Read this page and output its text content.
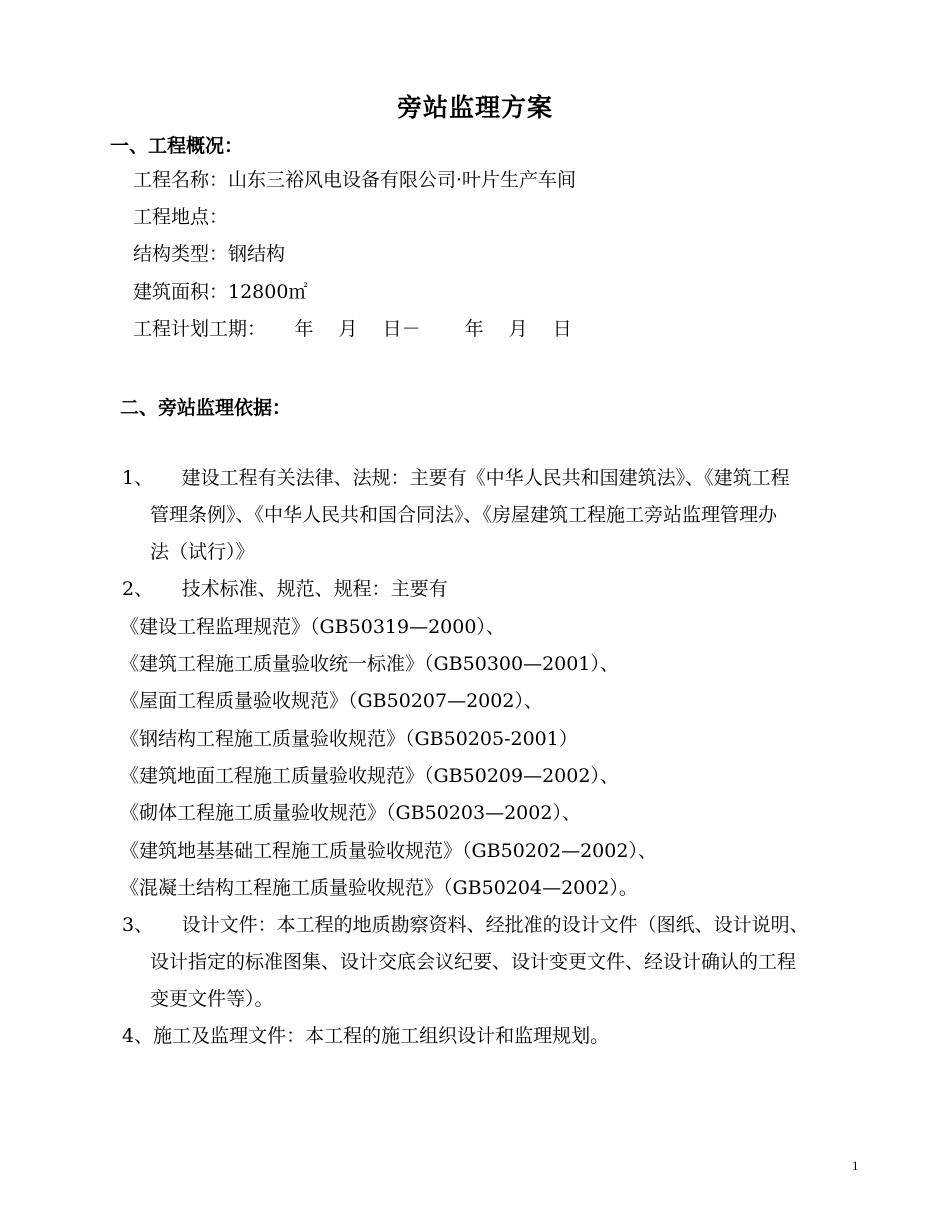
旁站监理方案
一、工程概况：
工程名称：山东三裕风电设备有限公司·叶片生产车间
工程地点：
结构类型：钢结构
建筑面积：12800㎡
工程计划工期：　　年　 月　 日－　　 年　 月　 日
二、旁站监理依据：
1、　　建设工程有关法律、法规：主要有《中华人民共和国建筑法》、《建筑工程
管理条例》、《中华人民共和国合同法》、《房屋建筑工程施工旁站监理管理办
法（试行）》
2、　　技术标准、规范、规程：主要有
《建设工程监理规范》（GB50319—2000）、
《建筑工程施工质量验收统一标准》（GB50300—2001）、
《屋面工程质量验收规范》（GB50207—2002）、
《钢结构工程施工质量验收规范》（GB50205-2001）
《建筑地面工程施工质量验收规范》（GB50209—2002）、
《砌体工程施工质量验收规范》（GB50203—2002）、
《建筑地基基础工程施工质量验收规范》（GB50202—2002）、
《混凝土结构工程施工质量验收规范》（GB50204—2002）。
3、　　设计文件：本工程的地质勘察资料、经批准的设计文件（图纸、设计说明、
设计指定的标准图集、设计交底会议纪要、设计变更文件、经设计确认的工程
变更文件等）。
4、施工及监理文件：本工程的施工组织设计和监理规划。
1
